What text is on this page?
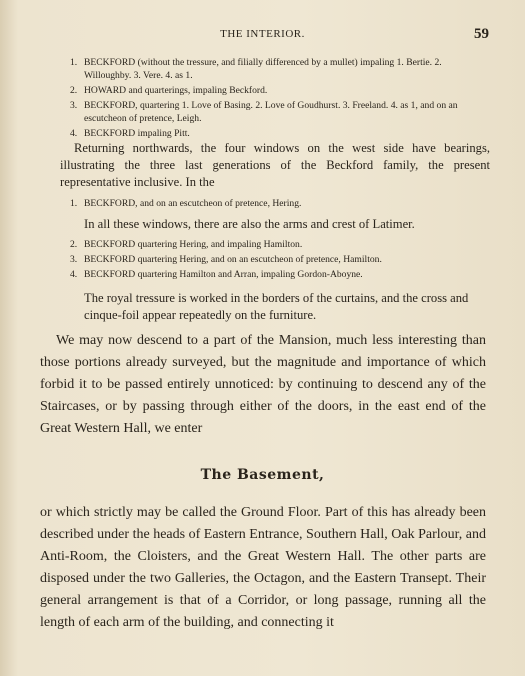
THE INTERIOR.	59
1. BECKFORD (without the tressure, and filially differenced by a mullet) impaling 1. Bertie. 2. Willoughby. 3. Vere. 4. as 1.
2. HOWARD and quarterings, impaling Beckford.
3. BECKFORD, quartering 1. Love of Basing. 2. Love of Goudhurst. 3. Freeland. 4. as 1, and on an escutcheon of pretence, Leigh.
4. BECKFORD impaling Pitt.

Returning northwards, the four windows on the west side have bearings, illustrating the three last generations of the Beckford family, the present representative inclusive. In the

1. BECKFORD, and on an escutcheon of pretence, Hering.

In all these windows, there are also the arms and crest of Latimer.

2. BECKFORD quartering Hering, and impaling Hamilton.
3. BECKFORD quartering Hering, and on an escutcheon of pretence, Hamilton.
4. BECKFORD quartering Hamilton and Arran, impaling Gordon-Aboyne.

The royal tressure is worked in the borders of the curtains, and the cross and cinque-foil appear repeatedly on the furniture.

We may now descend to a part of the Mansion, much less interesting than those portions already surveyed, but the magnitude and importance of which forbid it to be passed entirely unnoticed: by continuing to descend any of the Staircases, or by passing through either of the doors, in the east end of the Great Western Hall, we enter

The Basement,

or which strictly may be called the Ground Floor. Part of this has already been described under the heads of Eastern Entrance, Southern Hall, Oak Parlour, and Anti-Room, the Cloisters, and the Great Western Hall. The other parts are disposed under the two Galleries, the Octagon, and the Eastern Transept. Their general arrangement is that of a Corridor, or long passage, running all the length of each arm of the building, and connecting it
